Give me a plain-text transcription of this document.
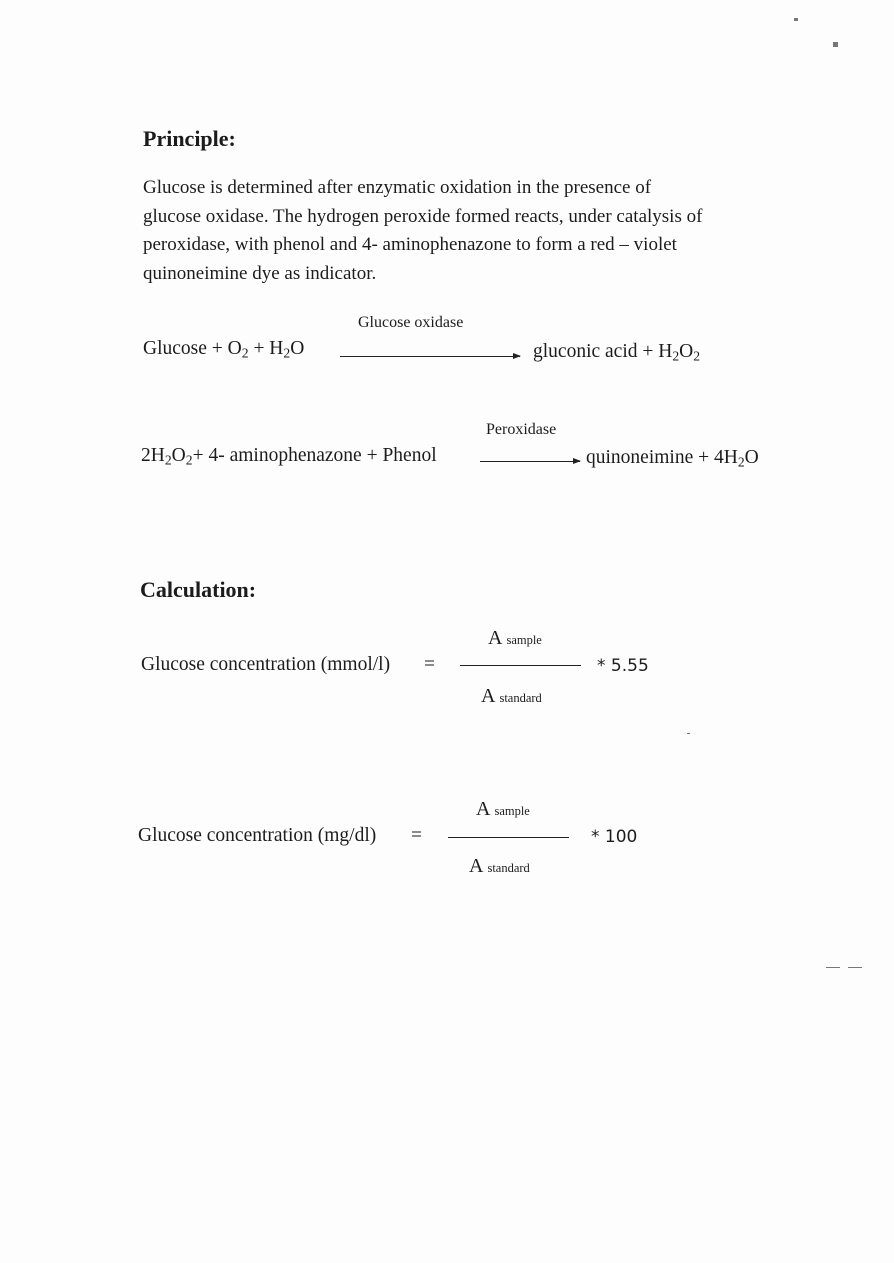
Principle:
Glucose is determined after enzymatic oxidation in the presence of
glucose oxidase. The hydrogen peroxide formed reacts, under catalysis of
peroxidase, with phenol and 4- aminophenazone to form a red – violet
quinoneimine dye as indicator.
Glucose oxidase
$Glucose + O_2 + H_2O$	gluconic acid + $H_2O_2$
Peroxidase
$2H_2O_2+ 4-$ aminophenazone + Phenol	quinoneimine + $4H_2O$
Calculation:
Glucose concentration (mmol/l) =
A sample
A standard
* 5.55
Glucose concentration (mg/dl) =
A sample
A standard
* 100
